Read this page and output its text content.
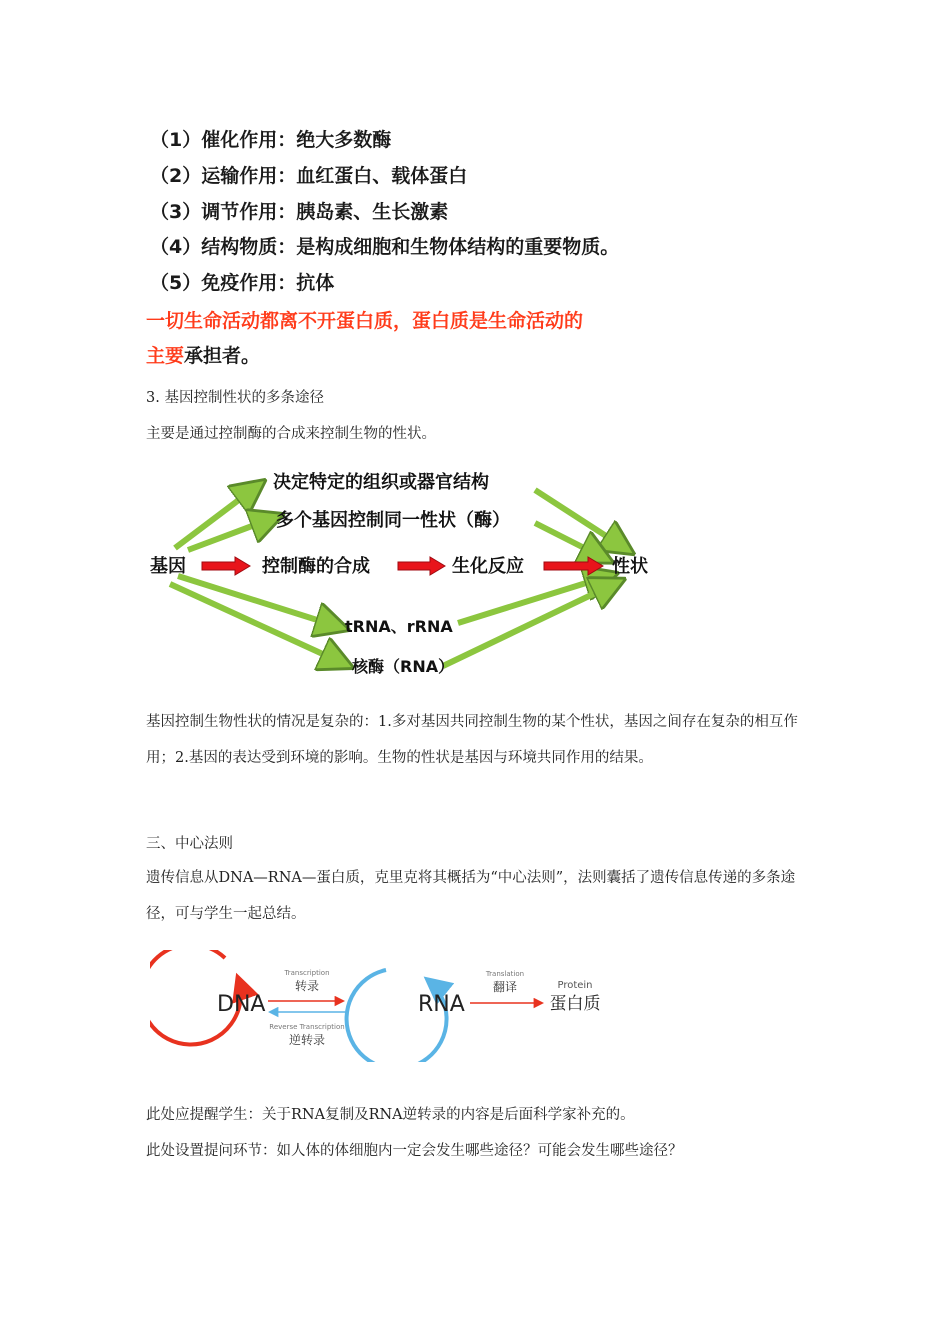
（1）催化作用：绝大多数酶
（2）运输作用：血红蛋白、载体蛋白
（3）调节作用：胰岛素、生长激素
（4）结构物质：是构成细胞和生物体结构的重要物质。
（5）免疫作用：抗体
一切生命活动都离不开蛋白质，蛋白质是生命活动的
主要承担者。
3. 基因控制性状的多条途径
主要是通过控制酶的合成来控制生物的性状。
基因	控制酶的合成	生化反应	性状
决定特定的组织或器官结构
多个基因控制同一性状（酶）
tRNA、rRNA
核酶（RNA）
基因控制生物性状的情况是复杂的：1.多对基因共同控制生物的某个性状，基因之间存在复杂的相互作用；2.基因的表达受到环境的影响。生物的性状是基因与环境共同作用的结果。
三、中心法则
遗传信息从DNA—RNA—蛋白质，克里克将其概括为“中心法则”，法则囊括了遗传信息传递的多条途径，可与学生一起总结。
DNA	RNA
Transcription
转录
Reverse Transcription
逆转录
Translation
翻译	Protein
蛋白质
此处应提醒学生：关于RNA复制及RNA逆转录的内容是后面科学家补充的。
此处设置提问环节：如人体的体细胞内一定会发生哪些途径？可能会发生哪些途径？
